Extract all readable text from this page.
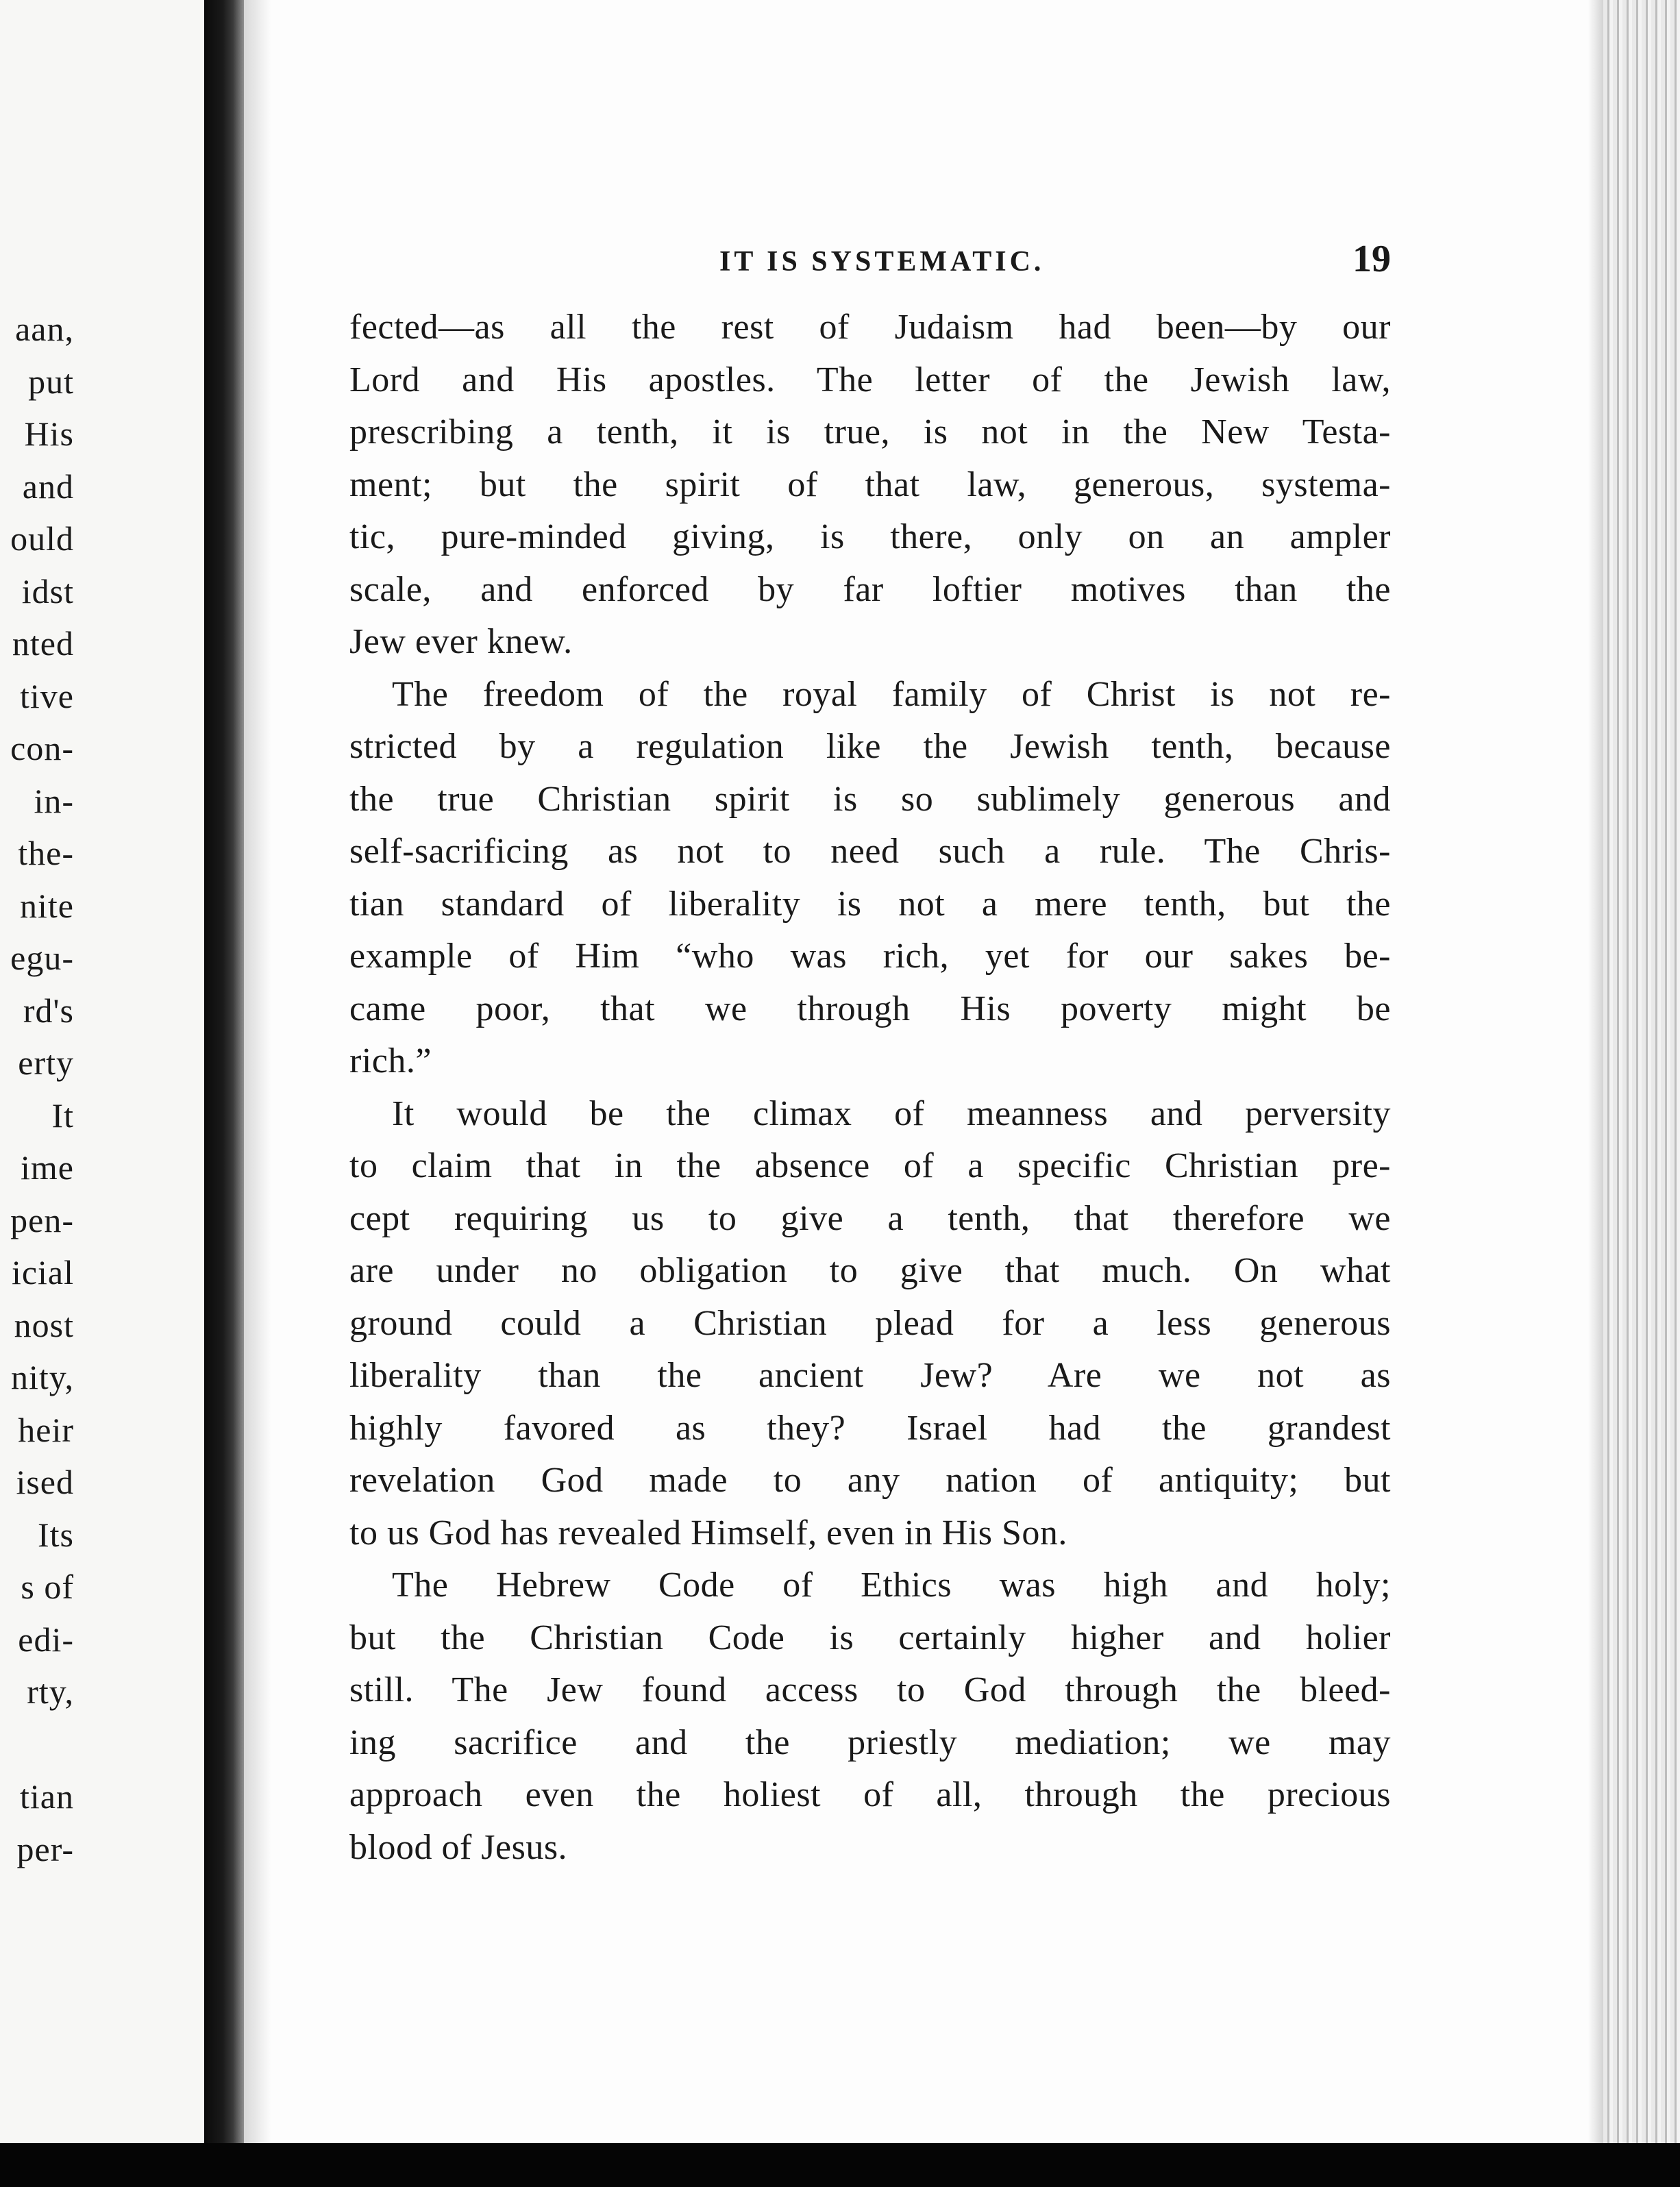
aan,
put
His
and
ould
idst
nted
tive
con-
in-
the-
nite
egu-
rd's
erty
It
ime
pen-
icial
nost
nity,
heir
ised
Its
s of
edi-
rty,
tian
per-
IT IS SYSTEMATIC.	19
fected—as all the rest of Judaism had been—by our
Lord and His apostles. The letter of the Jewish law,
prescribing a tenth, it is true, is not in the New Testa-
ment; but the spirit of that law, generous, systema-
tic, pure-minded giving, is there, only on an ampler
scale, and enforced by far loftier motives than the
Jew ever knew.
The freedom of the royal family of Christ is not re-
stricted by a regulation like the Jewish tenth, because
the true Christian spirit is so sublimely generous and
self-sacrificing as not to need such a rule. The Chris-
tian standard of liberality is not a mere tenth, but the
example of Him “who was rich, yet for our sakes be-
came poor, that we through His poverty might be
rich.”
It would be the climax of meanness and perversity
to claim that in the absence of a specific Christian pre-
cept requiring us to give a tenth, that therefore we
are under no obligation to give that much. On what
ground could a Christian plead for a less generous
liberality than the ancient Jew? Are we not as
highly favored as they? Israel had the grandest
revelation God made to any nation of antiquity; but
to us God has revealed Himself, even in His Son.
The Hebrew Code of Ethics was high and holy;
but the Christian Code is certainly higher and holier
still. The Jew found access to God through the bleed-
ing sacrifice and the priestly mediation; we may
approach even the holiest of all, through the precious
blood of Jesus.
